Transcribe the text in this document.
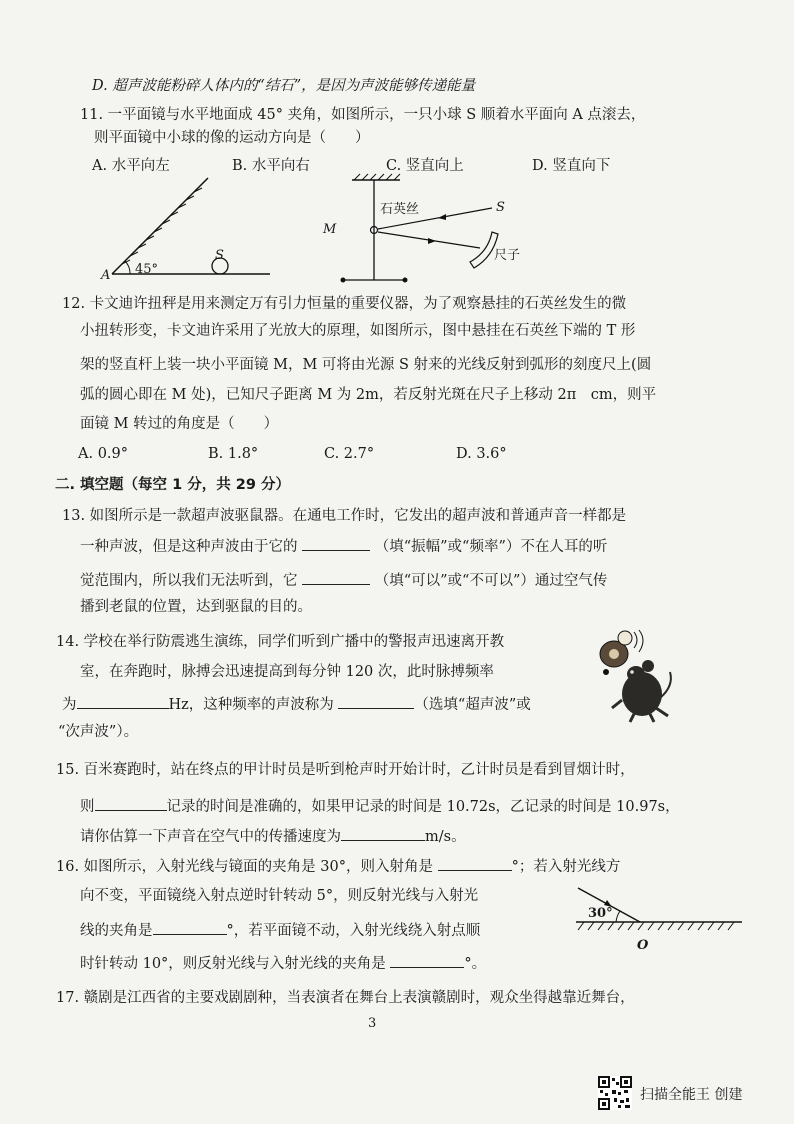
D. 超声波能粉碎人体内的“结石”，是因为声波能够传递能量
11. 一平面镜与水平地面成 45° 夹角，如图所示，一只小球 S 顺着水平面向 A 点滚去，
则平面镜中小球的像的运动方向是（　　）
A. 水平向左	B. 水平向右	C. 竖直向上	D. 竖直向下
45°
A
S
石英丝	S
M
尺子
12. 卡文迪许扭秤是用来测定万有引力恒量的重要仪器，为了观察悬挂的石英丝发生的微
小扭转形变，卡文迪许采用了光放大的原理，如图所示，图中悬挂在石英丝下端的 T 形
架的竖直杆上装一块小平面镜 M，M 可将由光源 S 射来的光线反射到弧形的刻度尺上(圆
弧的圆心即在 M 处)，已知尺子距离 M 为 2m，若反射光斑在尺子上移动 2π　cm，则平
面镜 M 转过的角度是（　　）
A. 0.9°	B. 1.8°	C. 2.7°	D. 3.6°
二. 填空题（每空 1 分，共 29 分）
13. 如图所示是一款超声波驱鼠器。在通电工作时，它发出的超声波和普通声音一样都是
一种声波，但是这种声波由于它的	（填“振幅”或“频率”）不在人耳的听
觉范围内，所以我们无法听到，它	（填“可以”或“不可以”）通过空气传
播到老鼠的位置，达到驱鼠的目的。
14. 学校在举行防震逃生演练，同学们听到广播中的警报声迅速离开教
室，在奔跑时，脉搏会迅速提高到每分钟 120 次，此时脉搏频率
为	Hz，这种频率的声波称为	（选填“超声波”或
“次声波”）。
15. 百米赛跑时，站在终点的甲计时员是听到枪声时开始计时，乙计时员是看到冒烟计时，
则	记录的时间是准确的，如果甲记录的时间是 10.72s，乙记录的时间是 10.97s，
请你估算一下声音在空气中的传播速度为	m/s。
16. 如图所示，入射光线与镜面的夹角是 30°，则入射角是	°；若入射光线方
向不变，平面镜绕入射点逆时针转动 5°，则反射光线与入射光
线的夹角是	°，若平面镜不动，入射光线绕入射点顺
时针转动 10°，则反射光线与入射光线的夹角是	°。
30°
O
17. 赣剧是江西省的主要戏剧剧种，当表演者在舞台上表演赣剧时，观众坐得越靠近舞台，
3
扫描全能王 创建
